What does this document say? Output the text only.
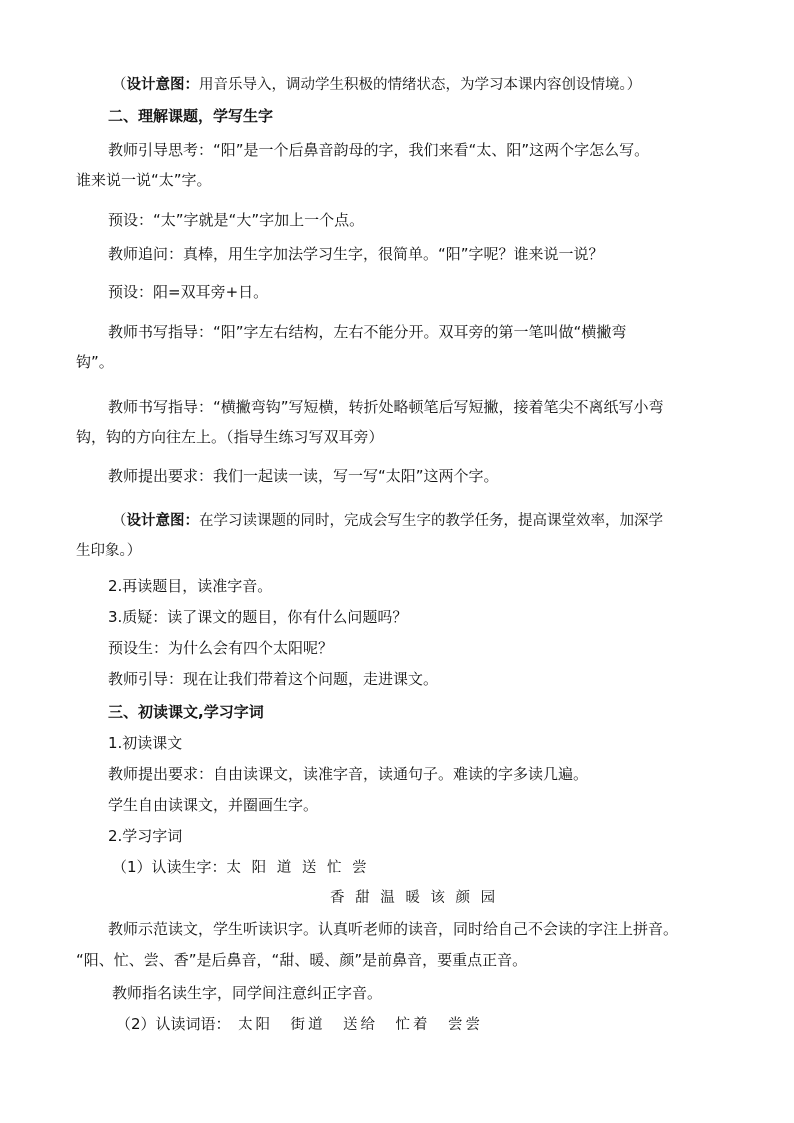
（设计意图：用音乐导入，调动学生积极的情绪状态，为学习本课内容创设情境。）
二、理解课题，学写生字
教师引导思考：“阳”是一个后鼻音韵母的字，我们来看“太、阳”这两个字怎么写。
谁来说一说“太”字。
预设：“太”字就是“大”字加上一个点。
教师追问：真棒，用生字加法学习生字，很简单。“阳”字呢？谁来说一说？
预设：阳=双耳旁+日。
教师书写指导：“阳”字左右结构，左右不能分开。双耳旁的第一笔叫做“横撇弯
钩”。
教师书写指导：“横撇弯钩”写短横，转折处略顿笔后写短撇，接着笔尖不离纸写小弯
钩，钩的方向往左上。（指导生练习写双耳旁）
教师提出要求：我们一起读一读，写一写“太阳”这两个字。
（设计意图：在学习读课题的同时，完成会写生字的教学任务，提高课堂效率，加深学
生印象。）
2.再读题目，读准字音。
3.质疑：读了课文的题目，你有什么问题吗？
预设生：为什么会有四个太阳呢？
教师引导：现在让我们带着这个问题，走进课文。
三、初读课文,学习字词
1.初读课文
教师提出要求：自由读课文，读准字音，读通句子。难读的字多读几遍。
学生自由读课文，并圈画生字。
2.学习字词
（1）认读生字：太 阳 道 送 忙 尝
香 甜 温 暖 该 颜 园
教师示范读文，学生听读识字。认真听老师的读音，同时给自己不会读的字注上拼音。
“阳、忙、尝、香”是后鼻音，“甜、暖、颜”是前鼻音，要重点正音。
教师指名读生字，同学间注意纠正字音。
（2）认读词语：　 太阳　街道　送给　忙着　尝尝
